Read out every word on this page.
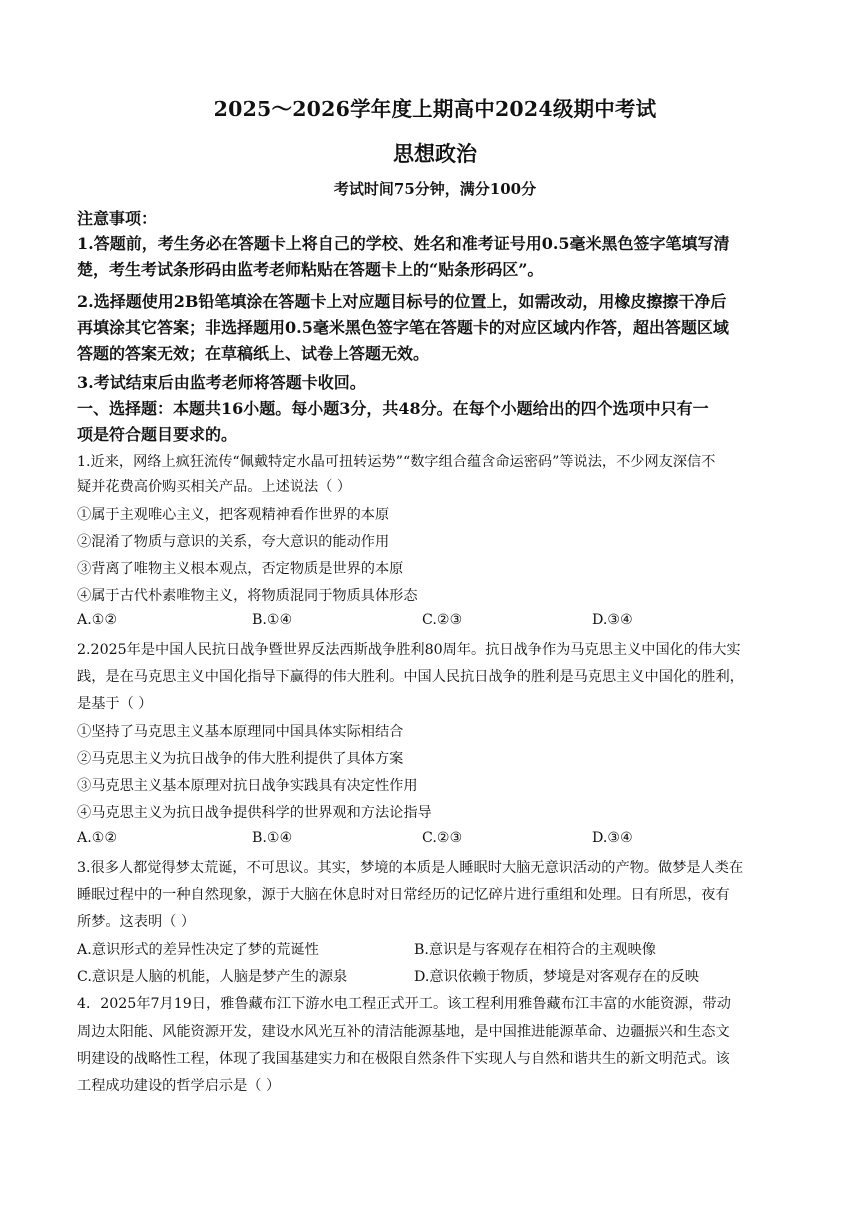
2025～2026学年度上期高中2024级期中考试
思想政治
考试时间75分钟，满分100分
注意事项：
1.答题前，考生务必在答题卡上将自己的学校、姓名和准考证号用0.5毫米黑色签字笔填写清
楚，考生考试条形码由监考老师粘贴在答题卡上的“贴条形码区”。
2.选择题使用2B铅笔填涂在答题卡上对应题目标号的位置上，如需改动，用橡皮擦擦干净后
再填涂其它答案；非选择题用0.5毫米黑色签字笔在答题卡的对应区域内作答，超出答题区域
答题的答案无效；在草稿纸上、试卷上答题无效。
3.考试结束后由监考老师将答题卡收回。
一、选择题：本题共16小题。每小题3分，共48分。在每个小题给出的四个选项中只有一
项是符合题目要求的。
1.近来，网络上疯狂流传“佩戴特定水晶可扭转运势”“数字组合蕴含命运密码”等说法，不少网友深信不
疑并花费高价购买相关产品。上述说法（ ）
①属于主观唯心主义，把客观精神看作世界的本原
②混淆了物质与意识的关系，夸大意识的能动作用
③背离了唯物主义根本观点，否定物质是世界的本原
④属于古代朴素唯物主义，将物质混同于物质具体形态
A.①②	B.①④	C.②③	D.③④
2.2025年是中国人民抗日战争暨世界反法西斯战争胜利80周年。抗日战争作为马克思主义中国化的伟大实
践，是在马克思主义中国化指导下赢得的伟大胜利。中国人民抗日战争的胜利是马克思主义中国化的胜利，
是基于（ ）
①坚持了马克思主义基本原理同中国具体实际相结合
②马克思主义为抗日战争的伟大胜利提供了具体方案
③马克思主义基本原理对抗日战争实践具有决定性作用
④马克思主义为抗日战争提供科学的世界观和方法论指导
A.①②	B.①④	C.②③	D.③④
3.很多人都觉得梦太荒诞，不可思议。其实，梦境的本质是人睡眠时大脑无意识活动的产物。做梦是人类在
睡眠过程中的一种自然现象，源于大脑在休息时对日常经历的记忆碎片进行重组和处理。日有所思，夜有
所梦。这表明（ ）
A.意识形式的差异性决定了梦的荒诞性	B.意识是与客观存在相符合的主观映像
C.意识是人脑的机能，人脑是梦产生的源泉	D.意识依赖于物质，梦境是对客观存在的反映
4．2025年7月19日，雅鲁藏布江下游水电工程正式开工。该工程利用雅鲁藏布江丰富的水能资源，带动
周边太阳能、风能资源开发，建设水风光互补的清洁能源基地，是中国推进能源革命、边疆振兴和生态文
明建设的战略性工程，体现了我国基建实力和在极限自然条件下实现人与自然和谐共生的新文明范式。该
工程成功建设的哲学启示是（ ）
